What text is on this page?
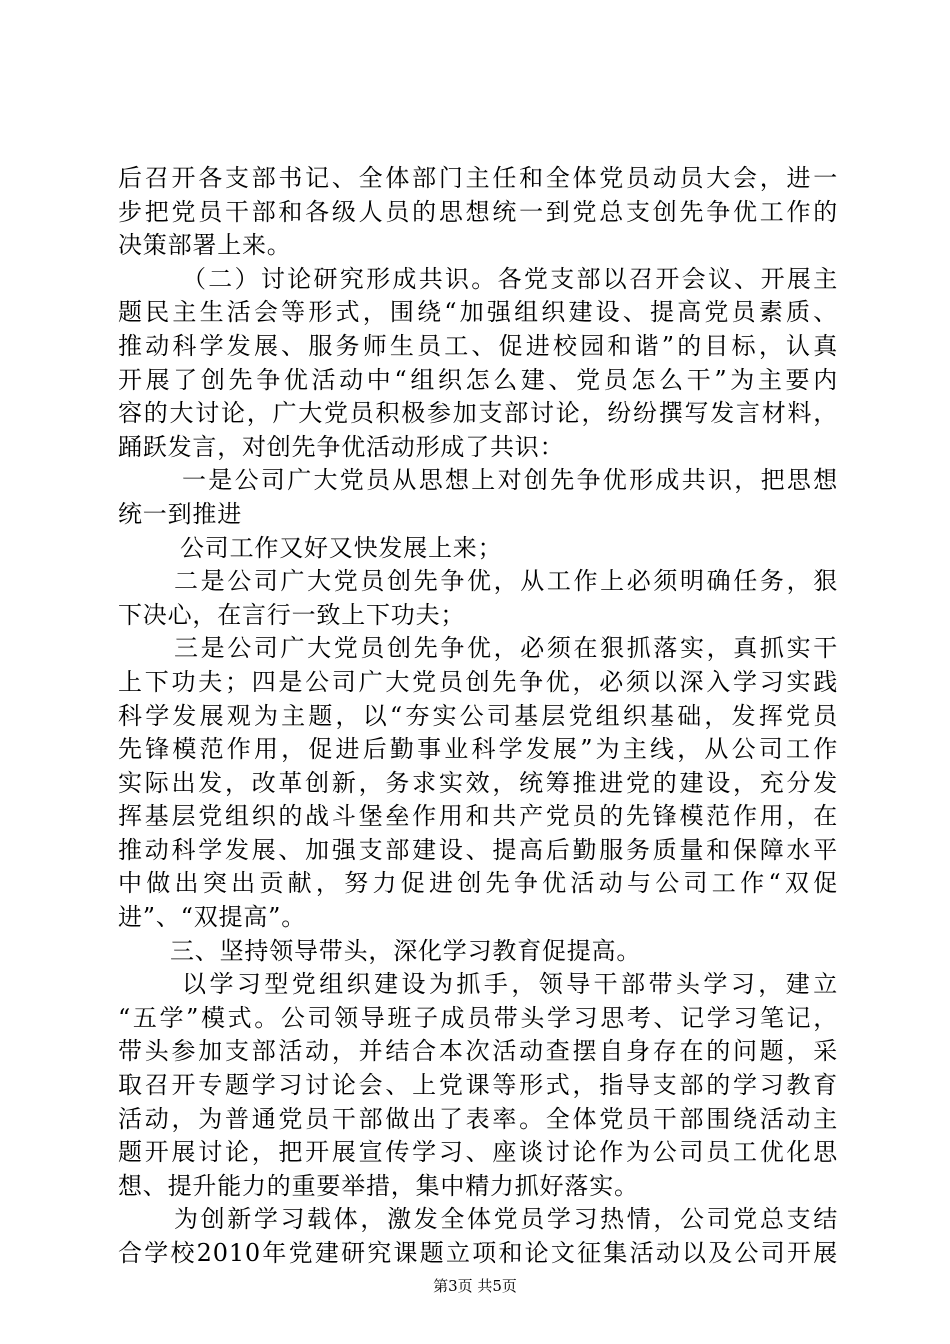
后召开各支部书记、全体部门主任和全体党员动员大会，进一
步把党员干部和各级人员的思想统一到党总支创先争优工作的
决策部署上来。
（二）讨论研究形成共识。各党支部以召开会议、开展主
题民主生活会等形式，围绕“加强组织建设、提高党员素质、
推动科学发展、服务师生员工、促进校园和谐”的目标，认真
开展了创先争优活动中“组织怎么建、党员怎么干”为主要内
容的大讨论，广大党员积极参加支部讨论，纷纷撰写发言材料，
踊跃发言，对创先争优活动形成了共识：
一是公司广大党员从思想上对创先争优形成共识，把思想
统一到推进
公司工作又好又快发展上来；
二是公司广大党员创先争优，从工作上必须明确任务，狠
下决心，在言行一致上下功夫；
三是公司广大党员创先争优，必须在狠抓落实，真抓实干
上下功夫；四是公司广大党员创先争优，必须以深入学习实践
科学发展观为主题，以“夯实公司基层党组织基础，发挥党员
先锋模范作用，促进后勤事业科学发展”为主线，从公司工作
实际出发，改革创新，务求实效，统筹推进党的建设，充分发
挥基层党组织的战斗堡垒作用和共产党员的先锋模范作用，在
推动科学发展、加强支部建设、提高后勤服务质量和保障水平
中做出突出贡献，努力促进创先争优活动与公司工作“双促
进”、“双提高”。
三、坚持领导带头，深化学习教育促提高。
以学习型党组织建设为抓手，领导干部带头学习，建立
“五学”模式。公司领导班子成员带头学习思考、记学习笔记，
带头参加支部活动，并结合本次活动查摆自身存在的问题，采
取召开专题学习讨论会、上党课等形式，指导支部的学习教育
活动，为普通党员干部做出了表率。全体党员干部围绕活动主
题开展讨论，把开展宣传学习、座谈讨论作为公司员工优化思
想、提升能力的重要举措，集中精力抓好落实。
为创新学习载体，激发全体党员学习热情，公司党总支结
合学校2010年党建研究课题立项和论文征集活动以及公司开展
第3页 共5页
